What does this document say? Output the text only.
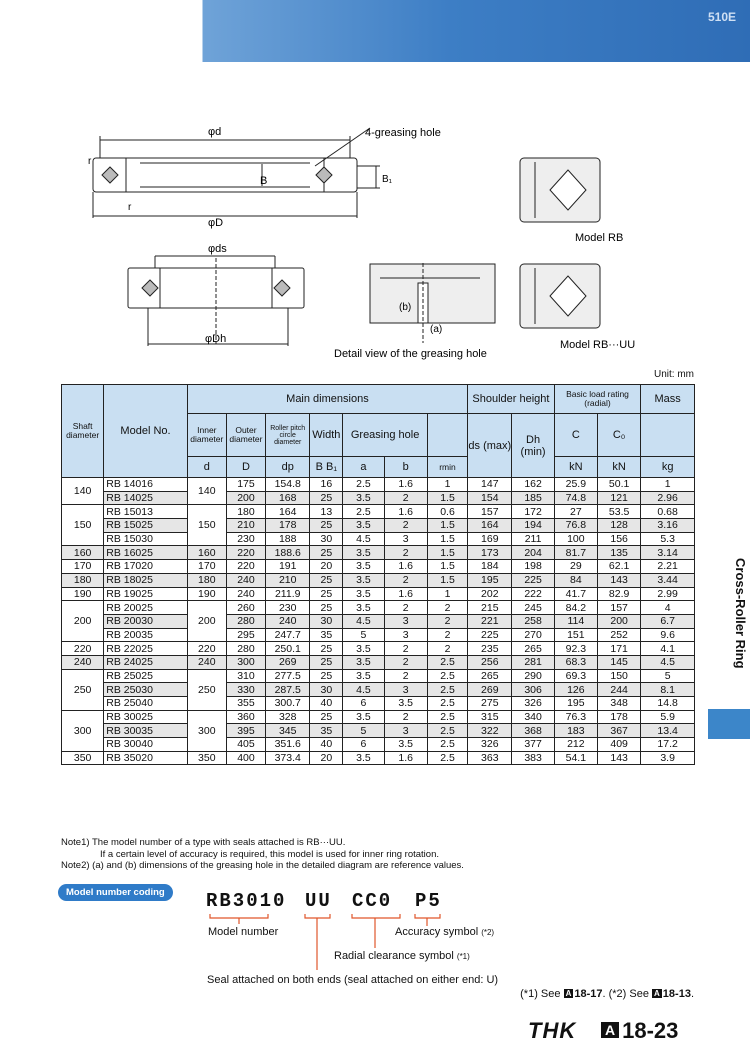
510E
φd	4-greasing hole
B	B₁
r
r
φD
φds
φDh
(b)
(a)
Detail view of the greasing hole
Model RB
Model RB···UU
Unit: mm
Shaft diameter	Model No.	Main dimensions							Shoulder height		Basic load rating (radial)		Mass
		Inner diameter	Outer diameter	Roller pitch circle diameter	Width	Greasing hole			ds (max)	Dh (min)	C	C₀	
		d	D	dp	B B₁	a	b	rmin			kN	kN	kg
140	RB 14016	140	175	154.8	16	2.5	1.6	1	147	162	25.9	50.1	1
	RB 14025		200	168	25	3.5	2	1.5	154	185	74.8	121	2.96
150	RB 15013	150	180	164	13	2.5	1.6	0.6	157	172	27	53.5	0.68
	RB 15025		210	178	25	3.5	2	1.5	164	194	76.8	128	3.16
	RB 15030		230	188	30	4.5	3	1.5	169	211	100	156	5.3
160	RB 16025	160	220	188.6	25	3.5	2	1.5	173	204	81.7	135	3.14
170	RB 17020	170	220	191	20	3.5	1.6	1.5	184	198	29	62.1	2.21
180	RB 18025	180	240	210	25	3.5	2	1.5	195	225	84	143	3.44
190	RB 19025	190	240	211.9	25	3.5	1.6	1	202	222	41.7	82.9	2.99
200	RB 20025	200	260	230	25	3.5	2	2	215	245	84.2	157	4
	RB 20030		280	240	30	4.5	3	2	221	258	114	200	6.7
	RB 20035		295	247.7	35	5	3	2	225	270	151	252	9.6
220	RB 22025	220	280	250.1	25	3.5	2	2	235	265	92.3	171	4.1
240	RB 24025	240	300	269	25	3.5	2	2.5	256	281	68.3	145	4.5
250	RB 25025	250	310	277.5	25	3.5	2	2.5	265	290	69.3	150	5
	RB 25030		330	287.5	30	4.5	3	2.5	269	306	126	244	8.1
	RB 25040		355	300.7	40	6	3.5	2.5	275	326	195	348	14.8
300	RB 30025	300	360	328	25	3.5	2	2.5	315	340	76.3	178	5.9
	RB 30035		395	345	35	5	3	2.5	322	368	183	367	13.4
	RB 30040		405	351.6	40	6	3.5	2.5	326	377	212	409	17.2
350	RB 35020	350	400	373.4	20	3.5	1.6	2.5	363	383	54.1	143	3.9
Note1) The model number of a type with seals attached is RB···UU.
If a certain level of accuracy is required, this model is used for inner ring rotation.
Note2) (a) and (b) dimensions of the greasing hole in the detailed diagram are reference values.
Model number coding	RB3010 UU CC0 P5
Model number	Accuracy symbol (*2)
Radial clearance symbol (*1)
Seal attached on both ends (seal attached on either end: U)
(*1) See A 18-17. (*2) See A 18-13.
Cross-Roller Ring
THK A 18-23
